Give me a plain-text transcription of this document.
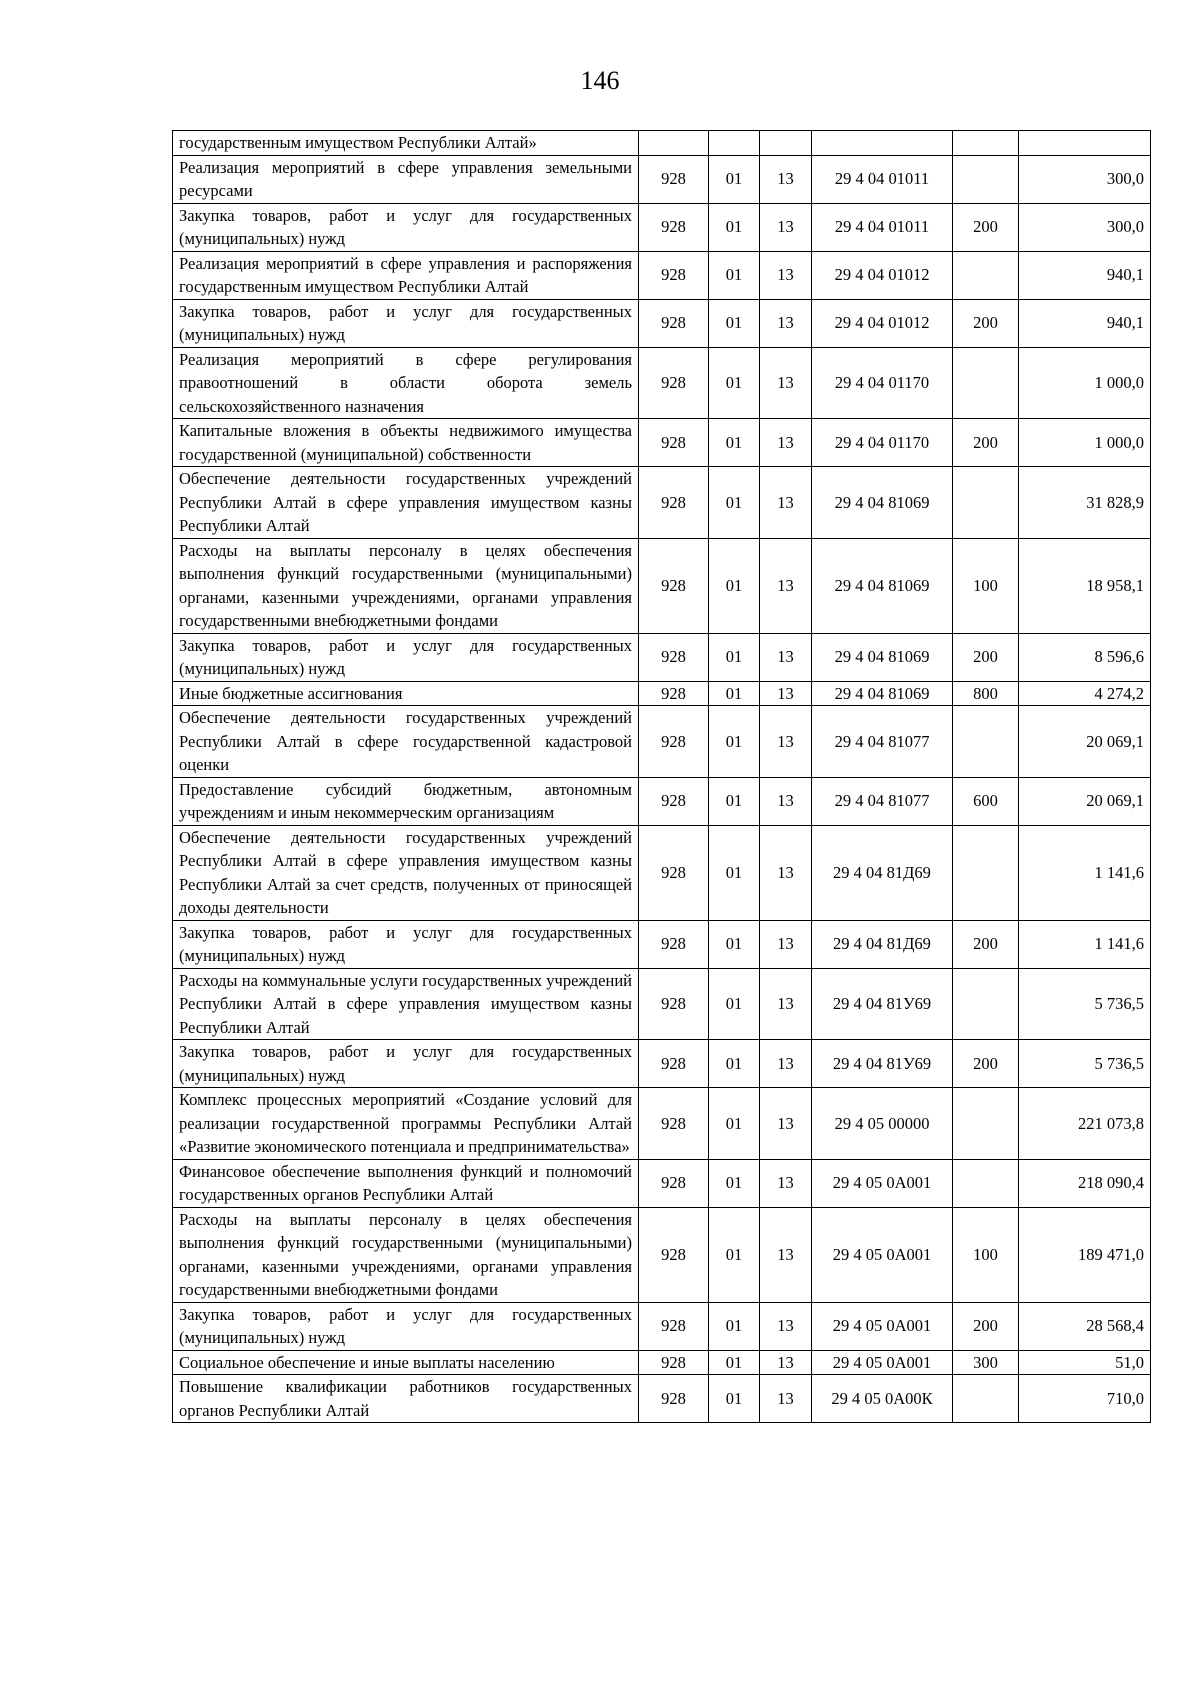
146
государственным имуществом Республики Алтай»						
Реализация мероприятий в сфере управления земельными ресурсами	928	01	13	29 4 04 01011		300,0
Закупка товаров, работ и услуг для государственных (муниципальных) нужд	928	01	13	29 4 04 01011	200	300,0
Реализация мероприятий в сфере управления и распоряжения государственным имуществом Республики Алтай	928	01	13	29 4 04 01012		940,1
Закупка товаров, работ и услуг для государственных (муниципальных) нужд	928	01	13	29 4 04 01012	200	940,1
Реализация мероприятий в сфере регулирования правоотношений в области оборота земель сельскохозяйственного назначения	928	01	13	29 4 04 01170		1 000,0
Капитальные вложения в объекты недвижимого имущества государственной (муниципальной) собственности	928	01	13	29 4 04 01170	200	1 000,0
Обеспечение деятельности государственных учреждений Республики Алтай в сфере управления имуществом казны Республики Алтай	928	01	13	29 4 04 81069		31 828,9
Расходы на выплаты персоналу в целях обеспечения выполнения функций государственными (муниципальными) органами, казенными учреждениями, органами управления государственными внебюджетными фондами	928	01	13	29 4 04 81069	100	18 958,1
Закупка товаров, работ и услуг для государственных (муниципальных) нужд	928	01	13	29 4 04 81069	200	8 596,6
Иные бюджетные ассигнования	928	01	13	29 4 04 81069	800	4 274,2
Обеспечение деятельности государственных учреждений Республики Алтай в сфере государственной кадастровой оценки	928	01	13	29 4 04 81077		20 069,1
Предоставление субсидий бюджетным, автономным учреждениям и иным некоммерческим организациям	928	01	13	29 4 04 81077	600	20 069,1
Обеспечение деятельности государственных учреждений Республики Алтай в сфере управления имуществом казны Республики Алтай за счет средств, полученных от приносящей доходы деятельности	928	01	13	29 4 04 81Д69		1 141,6
Закупка товаров, работ и услуг для государственных (муниципальных) нужд	928	01	13	29 4 04 81Д69	200	1 141,6
Расходы на коммунальные услуги государственных учреждений Республики Алтай в сфере управления имуществом казны Республики Алтай	928	01	13	29 4 04 81У69		5 736,5
Закупка товаров, работ и услуг для государственных (муниципальных) нужд	928	01	13	29 4 04 81У69	200	5 736,5
Комплекс процессных мероприятий «Создание условий для реализации государственной программы Республики Алтай «Развитие экономического потенциала и предпринимательства»	928	01	13	29 4 05 00000		221 073,8
Финансовое обеспечение выполнения функций и полномочий государственных органов Республики Алтай	928	01	13	29 4 05 0А001		218 090,4
Расходы на выплаты персоналу в целях обеспечения выполнения функций государственными (муниципальными) органами, казенными учреждениями, органами управления государственными внебюджетными фондами	928	01	13	29 4 05 0А001	100	189 471,0
Закупка товаров, работ и услуг для государственных (муниципальных) нужд	928	01	13	29 4 05 0А001	200	28 568,4
Социальное обеспечение и иные выплаты населению	928	01	13	29 4 05 0А001	300	51,0
Повышение квалификации работников государственных органов Республики Алтай	928	01	13	29 4 05 0А00К		710,0
